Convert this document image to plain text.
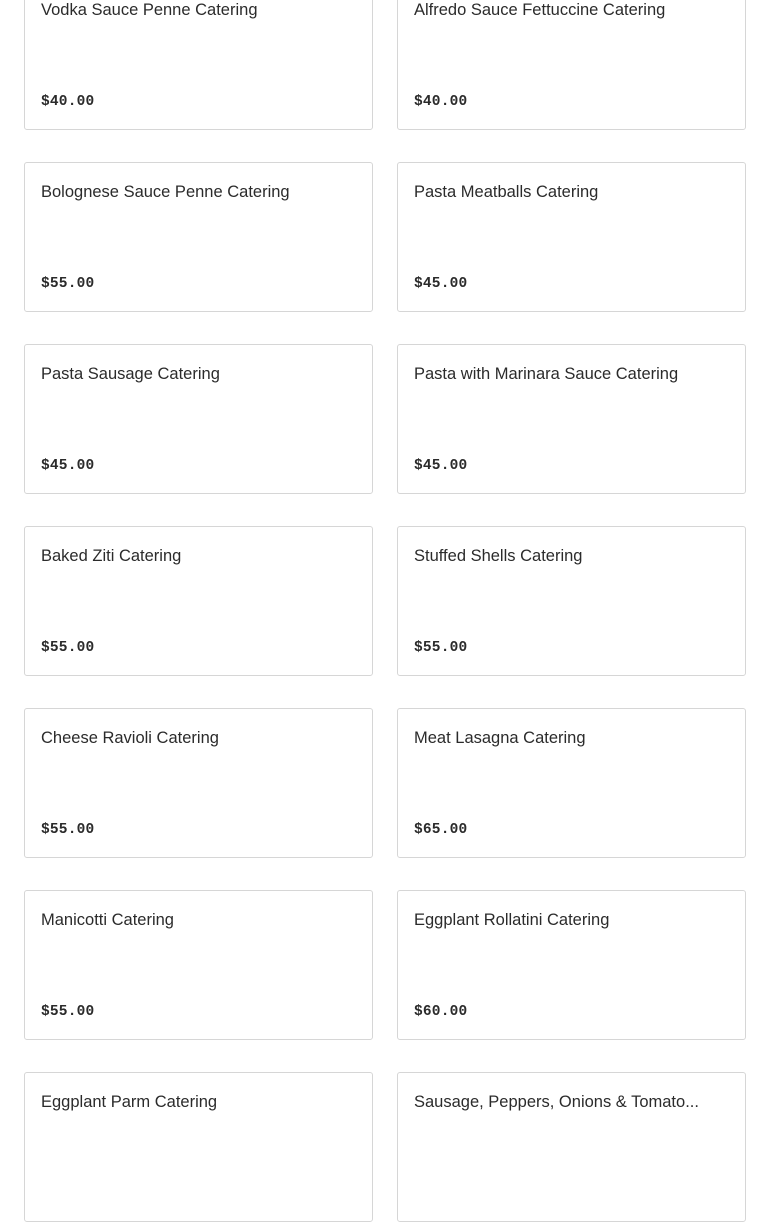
Vodka Sauce Penne Catering
$40.00
Alfredo Sauce Fettuccine Catering
$40.00
Bolognese Sauce Penne Catering
$55.00
Pasta Meatballs Catering
$45.00
Pasta Sausage Catering
$45.00
Pasta with Marinara Sauce Catering
$45.00
Baked Ziti Catering
$55.00
Stuffed Shells Catering
$55.00
Cheese Ravioli Catering
$55.00
Meat Lasagna Catering
$65.00
Manicotti Catering
$55.00
Eggplant Rollatini Catering
$60.00
Eggplant Parm Catering	Sausage, Peppers, Onions & Tomato...
